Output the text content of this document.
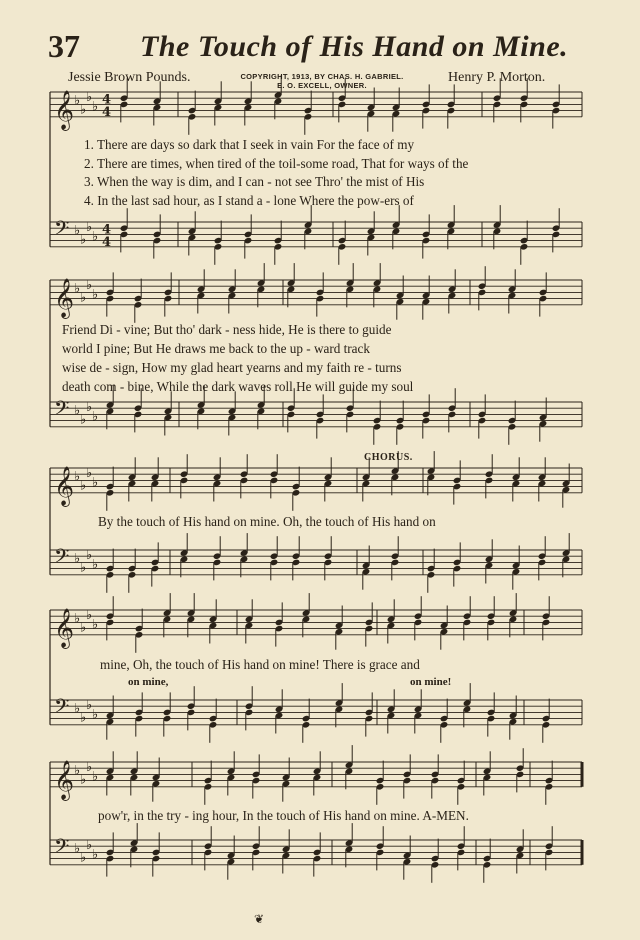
37 The Touch of His Hand on Mine.
Jessie Brown Pounds.	COPYRIGHT, 1913, BY CHAS. H. GABRIEL.
E. O. EXCELL, OWNER.
Henry P. Morton.
𝄞 ♭
♭
♭
♭ 4
4
𝄢 ♭
♭
♭
♭ 4
4
𝄞 ♭
♭
♭
♭
𝄢 ♭
♭
♭
♭
𝄞 ♭
♭
♭
♭
𝄢 ♭
♭
♭
♭
𝄞 ♭
♭
♭
♭
𝄢 ♭
♭
♭
♭
𝄞 ♭
♭
♭
♭
𝄢 ♭
♭
♭
♭
1. There are days so dark that I seek in vain For the face of my
2. There are times, when tired of the toil-some road, That for ways of the
3. When the way is dim, and I can - not see Thro' the mist of His
4. In the last sad hour, as I stand a - lone Where the pow-ers of
Friend Di - vine; But tho' dark - ness hide, He is there to guide
world I pine; But He draws me back to the up - ward track
wise de - sign, How my glad heart yearns and my faith re - turns
death com - bine, While the dark waves roll He will guide my soul
CHORUS.
By the touch of His hand on mine. Oh, the touch of His hand on
mine, Oh, the touch of His hand on mine! There is grace and
on mine,	on mine!
pow'r, in the try - ing hour, In the touch of His hand on mine. A-MEN.
❦
